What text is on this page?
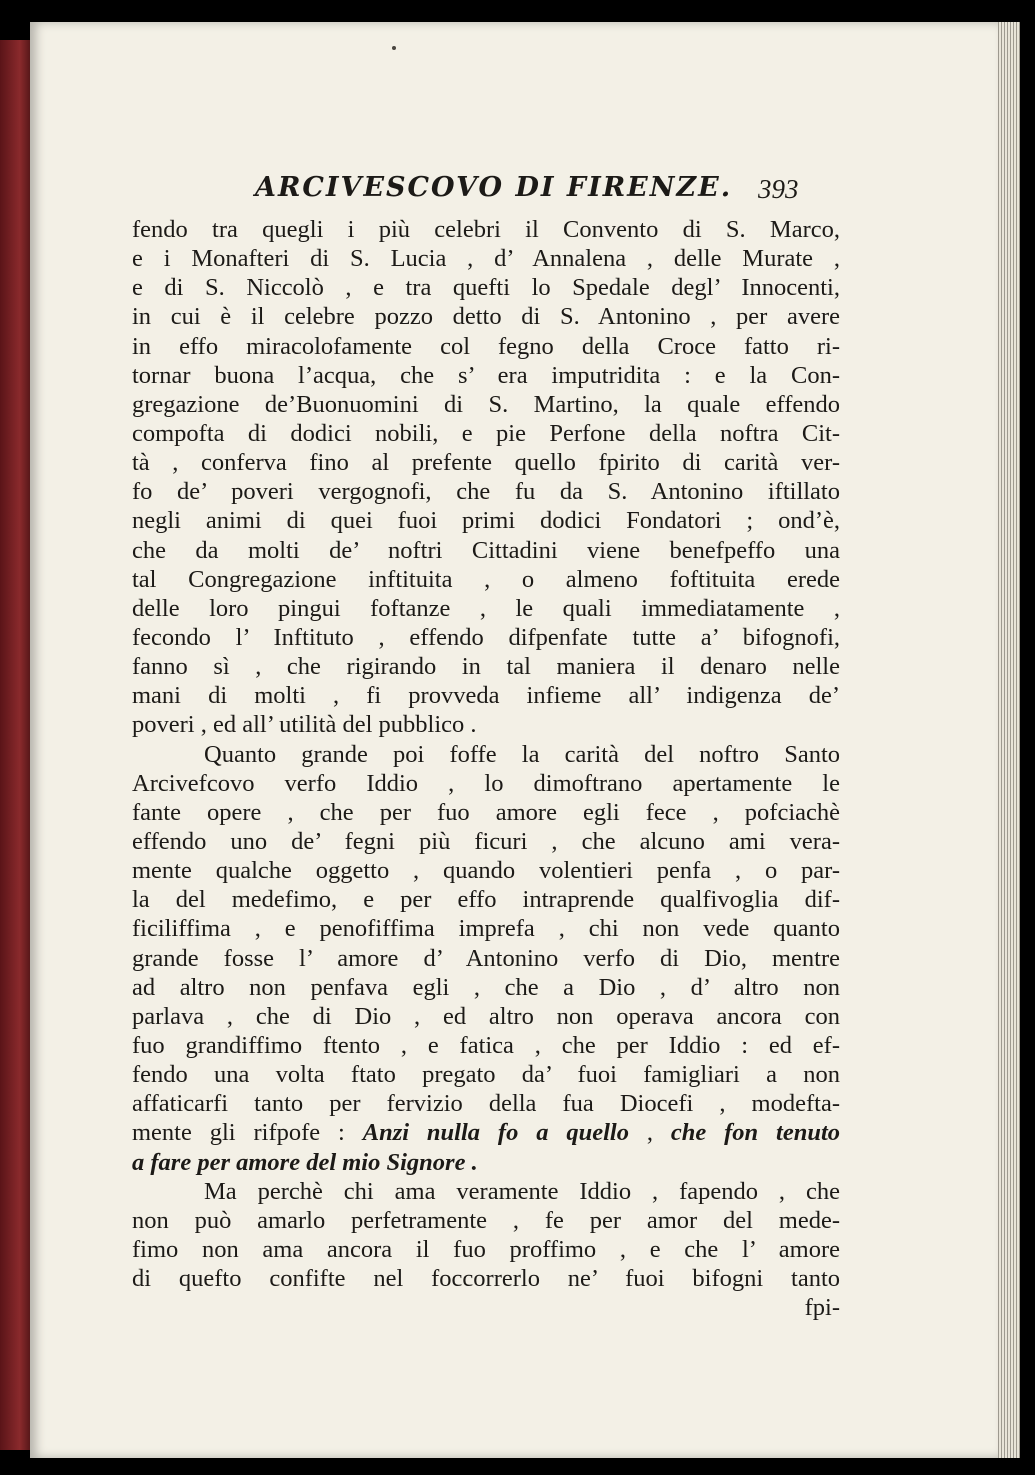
ARCIVESCOVO DI FIRENZE. 393
fendo tra quegli i più celebri il Convento di S. Marco,
e i Monafteri di S. Lucia , d’ Annalena , delle Murate ,
e di S. Niccolò , e tra quefti lo Spedale degl’ Innocenti,
in cui è il celebre pozzo detto di S. Antonino , per avere
in effo miracolofamente col fegno della Croce fatto ri-
tornar buona l’acqua, che s’ era imputridita : e la Con-
gregazione de’Buonuomini di S. Martino, la quale effendo
compofta di dodici nobili, e pie Perfone della noftra Cit-
tà , conferva fino al prefente quello fpirito di carità ver-
fo de’ poveri vergognofi, che fu da S. Antonino iftillato
negli animi di quei fuoi primi dodici Fondatori ; ond’è,
che da molti de’ noftri Cittadini viene benefpeffo una
tal Congregazione inftituita , o almeno foftituita erede
delle loro pingui foftanze , le quali immediatamente ,
fecondo l’ Inftituto , effendo difpenfate tutte a’ bifognofi,
fanno sì , che rigirando in tal maniera il denaro nelle
mani di molti , fi provveda infieme all’ indigenza de’
poveri , ed all’ utilità del pubblico .
Quanto grande poi foffe la carità del noftro Santo
Arcivefcovo verfo Iddio , lo dimoftrano apertamente le
fante opere , che per fuo amore egli fece , pofciachè
effendo uno de’ fegni più ficuri , che alcuno ami vera-
mente qualche oggetto , quando volentieri penfa , o par-
la del medefimo, e per effo intraprende qualfivoglia dif-
ficiliffima , e penofiffima imprefa , chi non vede quanto
grande fosse l’ amore d’ Antonino verfo di Dio, mentre
ad altro non penfava egli , che a Dio , d’ altro non
parlava , che di Dio , ed altro non operava ancora con
fuo grandiffimo ftento , e fatica , che per Iddio : ed ef-
fendo una volta ftato pregato da’ fuoi famigliari a non
affaticarfi tanto per fervizio della fua Diocefi , modefta-
mente gli rifpofe : Anzi nulla fo a quello , che fon tenuto
a fare per amore del mio Signore .
Ma perchè chi ama veramente Iddio , fapendo , che
non può amarlo perfetramente , fe per amor del mede-
fimo non ama ancora il fuo proffimo , e che l’ amore
di quefto confifte nel foccorrerlo ne’ fuoi bifogni tanto
fpi-
